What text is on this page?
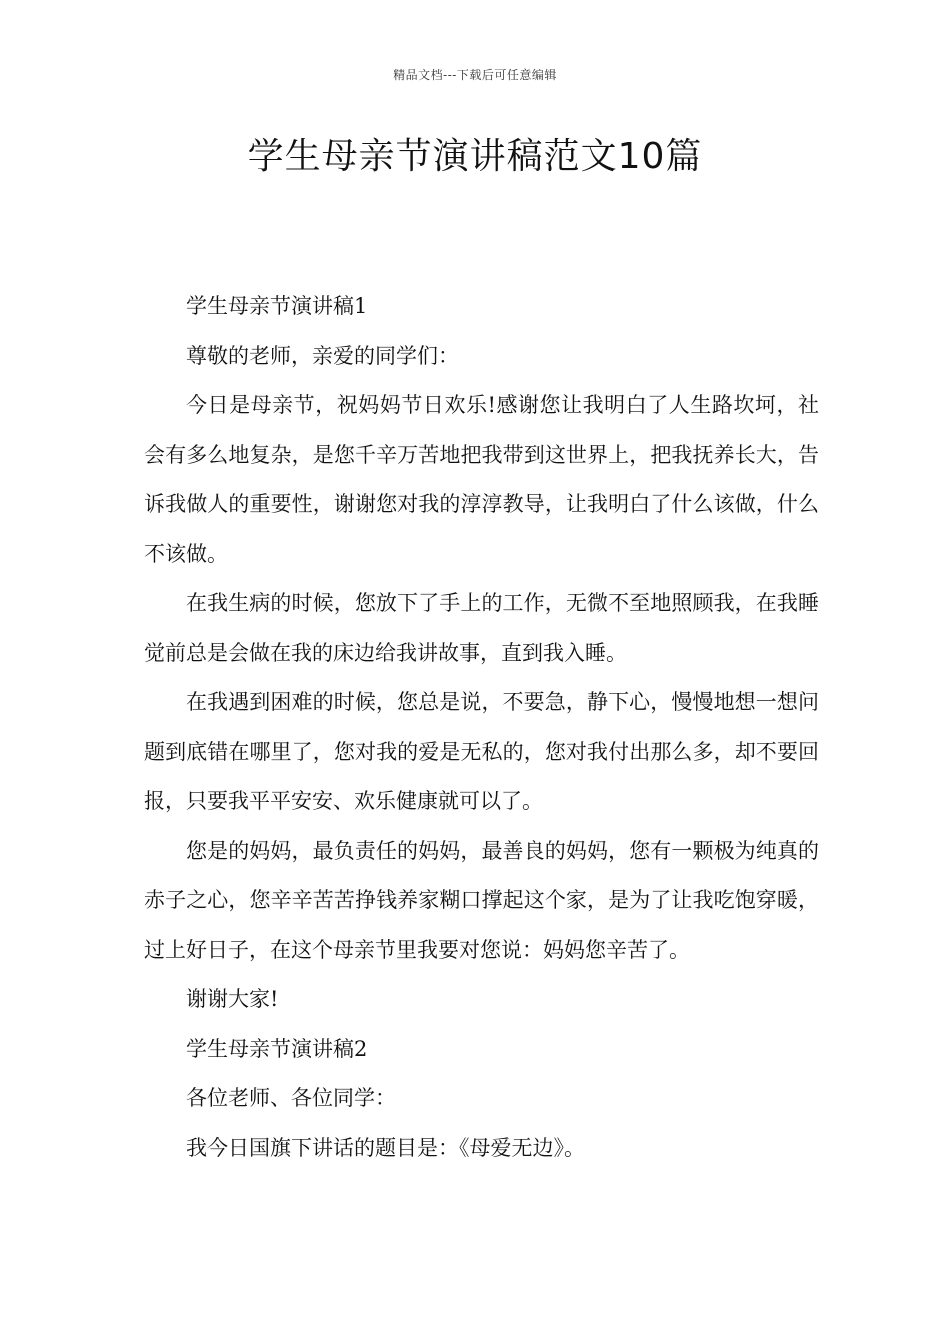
精品文档---下载后可任意编辑
学生母亲节演讲稿范文10篇

学生母亲节演讲稿1

尊敬的老师，亲爱的同学们：

今日是母亲节，祝妈妈节日欢乐!感谢您让我明白了人生路坎坷，社会有多么地复杂，是您千辛万苦地把我带到这世界上，把我抚养长大，告诉我做人的重要性，谢谢您对我的淳淳教导，让我明白了什么该做，什么不该做。

在我生病的时候，您放下了手上的工作，无微不至地照顾我，在我睡觉前总是会做在我的床边给我讲故事，直到我入睡。

在我遇到困难的时候，您总是说，不要急，静下心，慢慢地想一想问题到底错在哪里了，您对我的爱是无私的，您对我付出那么多，却不要回报，只要我平平安安、欢乐健康就可以了。

您是的妈妈，最负责任的妈妈，最善良的妈妈，您有一颗极为纯真的赤子之心，您辛辛苦苦挣钱养家糊口撑起这个家，是为了让我吃饱穿暖，过上好日子，在这个母亲节里我要对您说：妈妈您辛苦了。

谢谢大家!

学生母亲节演讲稿2

各位老师、各位同学：

我今日国旗下讲话的题目是：《母爱无边》。
